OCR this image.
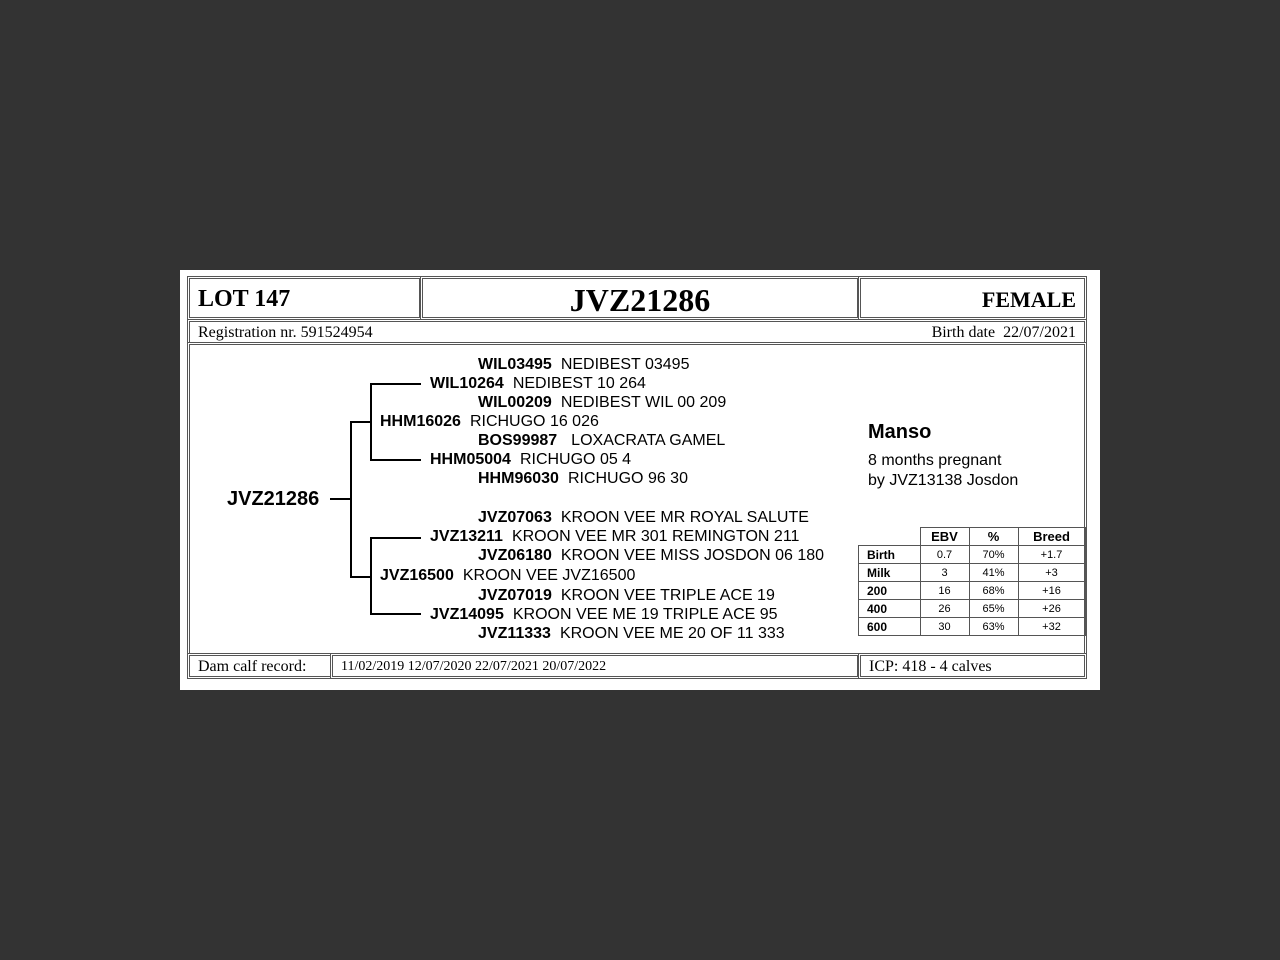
LOT 147	JVZ21286	FEMALE
Registration nr. 591524954	Birth date 22/07/2021
JVZ21286
WIL03495 NEDIBEST 03495
WIL10264 NEDIBEST 10 264
WIL00209 NEDIBEST WIL 00 209
HHM16026 RICHUGO 16 026
BOS99987 LOXACRATA GAMEL
HHM05004 RICHUGO 05 4
HHM96030 RICHUGO 96 30
JVZ07063 KROON VEE MR ROYAL SALUTE
JVZ13211 KROON VEE MR 301 REMINGTON 211
JVZ06180 KROON VEE MISS JOSDON 06 180
JVZ16500 KROON VEE JVZ16500
JVZ07019 KROON VEE TRIPLE ACE 19
JVZ14095 KROON VEE ME 19 TRIPLE ACE 95
JVZ11333 KROON VEE ME 20 OF 11 333
Manso
8 months pregnant
by JVZ13138 Josdon
	EBV	%	Breed
Birth	0.7	70%	+1.7
Milk	3	41%	+3
200	16	68%	+16
400	26	65%	+26
600	30	63%	+32
Dam calf record: 11/02/2019 12/07/2020 22/07/2021 20/07/2022	ICP: 418 - 4 calves
